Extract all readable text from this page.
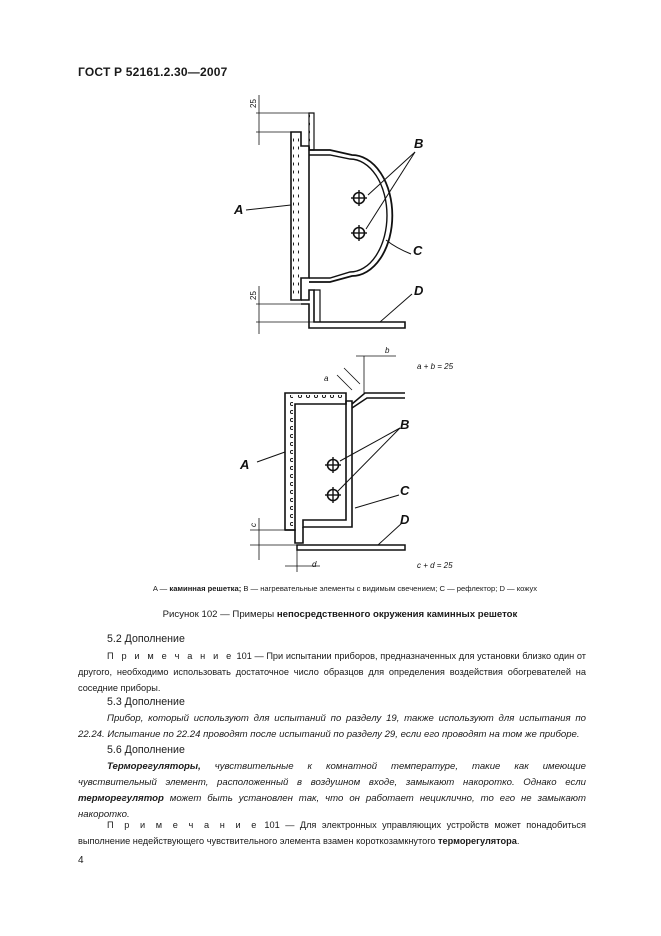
ГОСТ Р 52161.2.30—2007
A
B
C
D
25
25
A
B
C
D
a
b
c
d
a + b = 25
c + d = 25
A — каминная решетка; B — нагревательные элементы с видимым свечением; C — рефлектор; D — кожух
Рисунок 102 — Примеры непосредственного окружения каминных решеток
5.2 Дополнение
П р и м е ч а н и е 101 — При испытании приборов, предназначенных для установки близко один от другого, необходимо использовать достаточное число образцов для определения воздействия обогревателей на соседние приборы.
5.3 Дополнение
Прибор, который используют для испытаний по разделу 19, также используют для испытания по 22.24. Испытание по 22.24 проводят после испытаний по разделу 29, если его проводят на том же приборе.
5.6 Дополнение
Терморегуляторы, чувствительные к комнатной температуре, такие как имеющие чувствительный элемент, расположенный в воздушном входе, замыкают накоротко. Однако если терморегулятор может быть установлен так, что он работает нециклично, то его не замыкают накоротко.
П р и м е ч а н и е 101 — Для электронных управляющих устройств может понадобиться выполнение недействующего чувствительного элемента взамен короткозамкнутого терморегулятора.
4
